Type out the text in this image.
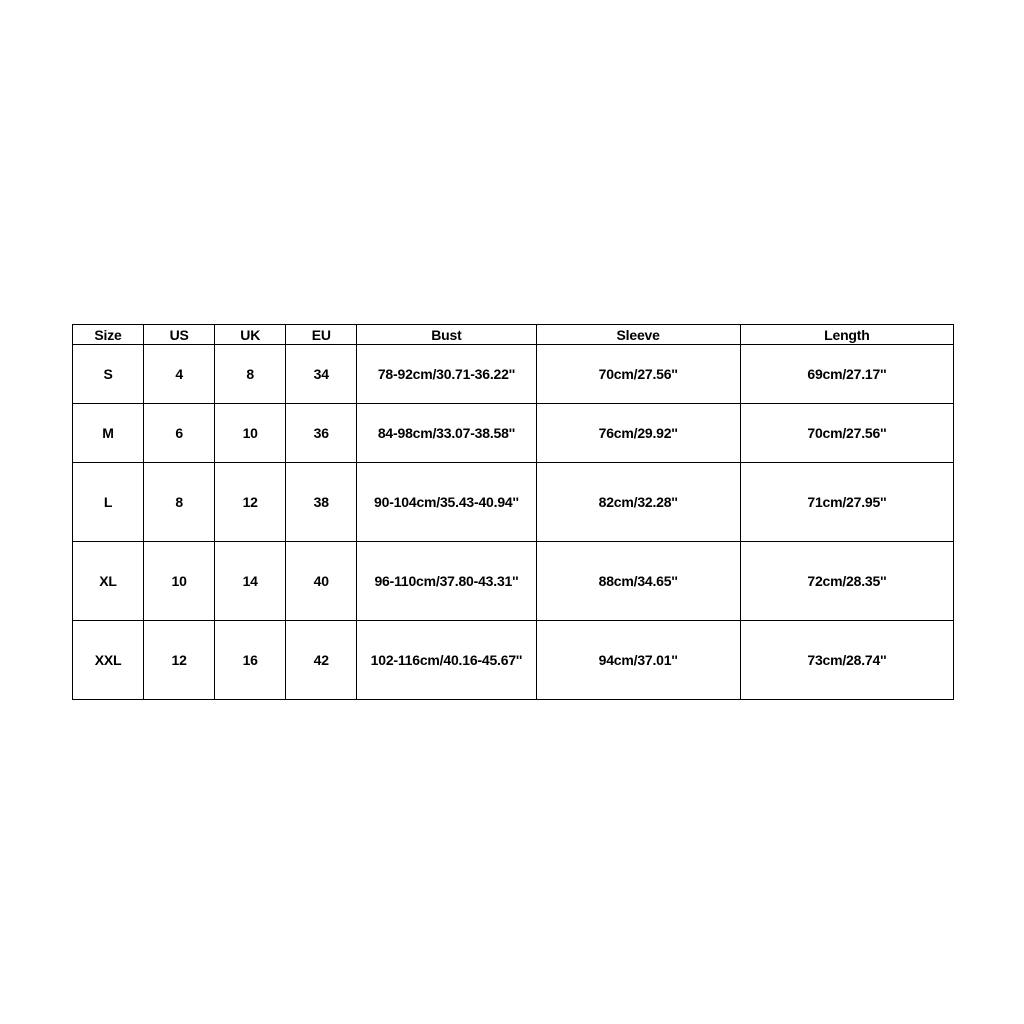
Size	US	UK	EU	Bust	Sleeve	Length
S	4	8	34	78-92cm/30.71-36.22''	70cm/27.56''	69cm/27.17''
M	6	10	36	84-98cm/33.07-38.58''	76cm/29.92''	70cm/27.56''
L	8	12	38	90-104cm/35.43-40.94''	82cm/32.28''	71cm/27.95''
XL	10	14	40	96-110cm/37.80-43.31''	88cm/34.65''	72cm/28.35''
XXL	12	16	42	102-116cm/40.16-45.67''	94cm/37.01''	73cm/28.74''
